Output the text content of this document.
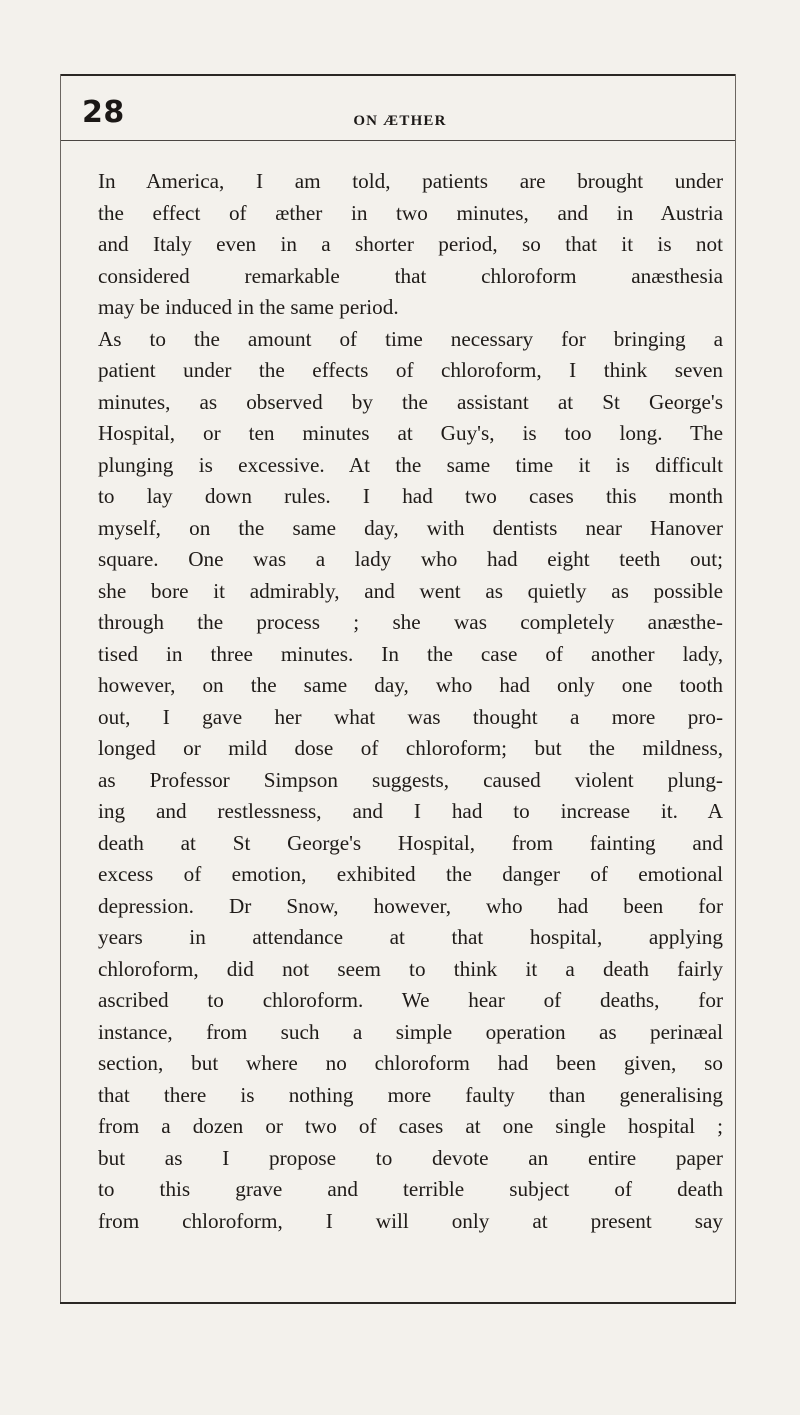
28	ON ÆTHER
In America, I am told, patients are brought under
the effect of æther in two minutes, and in Austria
and Italy even in a shorter period, so that it is not
considered remarkable that chloroform anæsthesia
may be induced in the same period.
As to the amount of time necessary for bringing a
patient under the effects of chloroform, I think seven
minutes, as observed by the assistant at St George's
Hospital, or ten minutes at Guy's, is too long. The
plunging is excessive. At the same time it is difficult
to lay down rules. I had two cases this month
myself, on the same day, with dentists near Hanover
square. One was a lady who had eight teeth out;
she bore it admirably, and went as quietly as possible
through the process ; she was completely anæsthe-
tised in three minutes. In the case of another lady,
however, on the same day, who had only one tooth
out, I gave her what was thought a more pro-
longed or mild dose of chloroform; but the mildness,
as Professor Simpson suggests, caused violent plung-
ing and restlessness, and I had to increase it. A
death at St George's Hospital, from fainting and
excess of emotion, exhibited the danger of emotional
depression. Dr Snow, however, who had been for
years in attendance at that hospital, applying
chloroform, did not seem to think it a death fairly
ascribed to chloroform. We hear of deaths, for
instance, from such a simple operation as perinæal
section, but where no chloroform had been given, so
that there is nothing more faulty than generalising
from a dozen or two of cases at one single hospital ;
but as I propose to devote an entire paper
to this grave and terrible subject of death
from chloroform, I will only at present say
